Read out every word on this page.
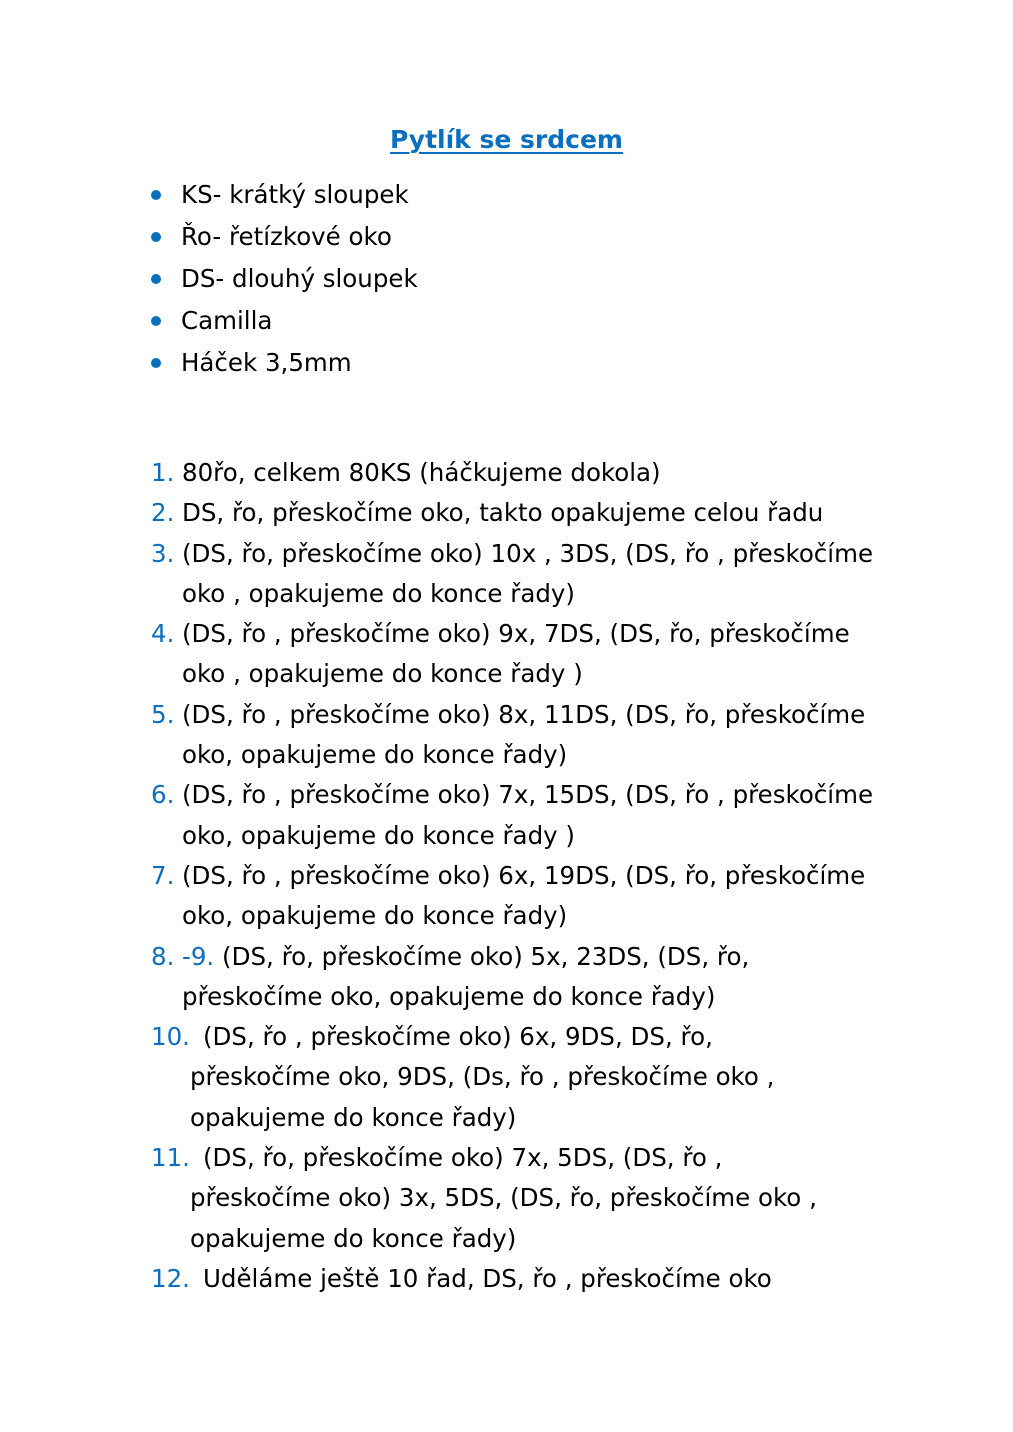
Pytlík se srdcem
KS- krátký sloupek
Řo- řetízkové oko
DS- dlouhý sloupek
Camilla
Háček 3,5mm
1. 80řo, celkem 80KS (háčkujeme dokola)
2. DS, řo, přeskočíme oko, takto opakujeme celou řadu
3. (DS, řo, přeskočíme oko) 10x , 3DS, (DS, řo , přeskočíme
oko , opakujeme do konce řady)
4. (DS, řo , přeskočíme oko) 9x, 7DS, (DS, řo, přeskočíme
oko , opakujeme do konce řady )
5. (DS, řo , přeskočíme oko) 8x, 11DS, (DS, řo, přeskočíme
oko, opakujeme do konce řady)
6. (DS, řo , přeskočíme oko) 7x, 15DS, (DS, řo , přeskočíme
oko, opakujeme do konce řady )
7. (DS, řo , přeskočíme oko) 6x, 19DS, (DS, řo, přeskočíme
oko, opakujeme do konce řady)
8. -9. (DS, řo, přeskočíme oko) 5x, 23DS, (DS, řo,
přeskočíme oko, opakujeme do konce řady)
10. (DS, řo , přeskočíme oko) 6x, 9DS, DS, řo,
přeskočíme oko, 9DS, (Ds, řo , přeskočíme oko ,
opakujeme do konce řady)
11. (DS, řo, přeskočíme oko) 7x, 5DS, (DS, řo ,
přeskočíme oko) 3x, 5DS, (DS, řo, přeskočíme oko ,
opakujeme do konce řady)
12. Uděláme ještě 10 řad, DS, řo , přeskočíme oko
